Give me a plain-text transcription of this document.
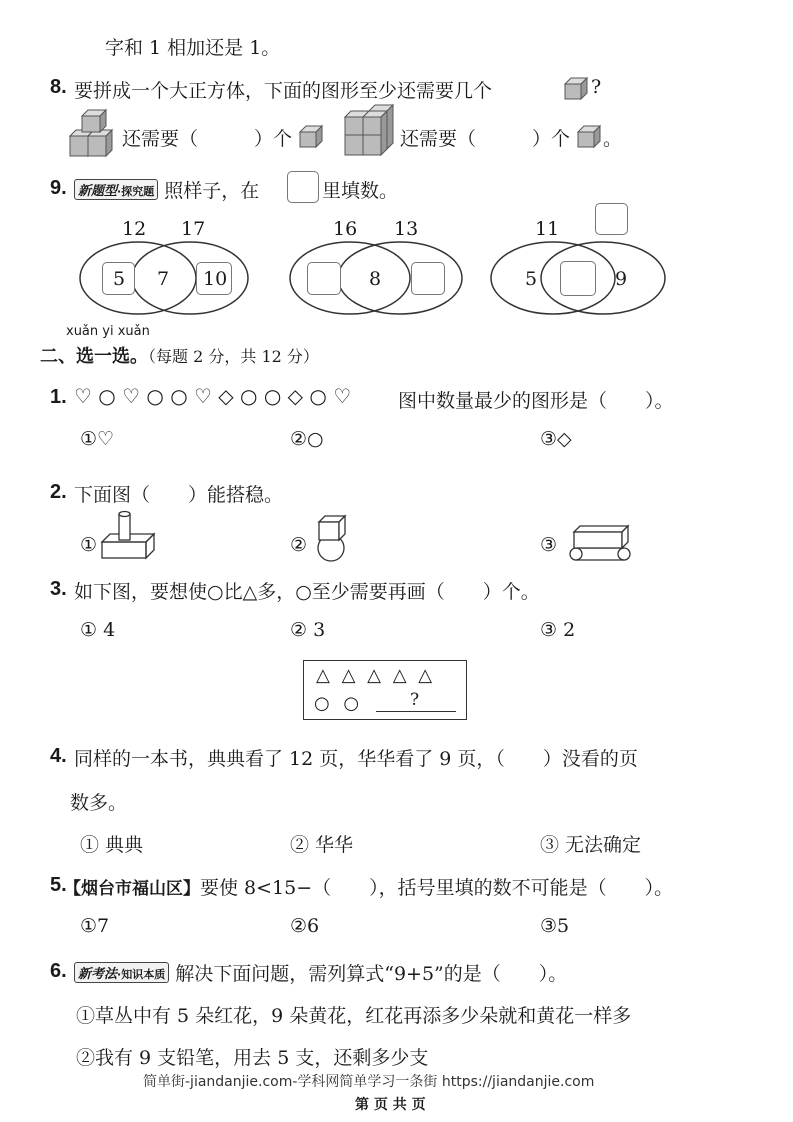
字和 1 相加还是 1。
8. 要拼成一个大正方体，下面的图形至少还需要几个	?
还需要（	）个	还需要（	）个 。
9. 新题型·探究题 照样子，在	里填数。
12 17
5 7 10
16 13
8
11
5	9
xuǎn yi xuǎn
二、选一选。（每题 2 分，共 12 分）
1. ♡ ○ ♡ ○ ○ ♡ ◇ ○ ○ ◇ ○ ♡ 图中数量最少的图形是（　　）。
①♡	②○	③◇
2. 下面图（　　）能搭稳。
①	②	③
3. 如下图，要想使○比△多，○至少需要再画（　　）个。
① 4	② 3	③ 2
△ △ △ △ △
○ ○	?
4. 同样的一本书，典典看了 12 页，华华看了 9 页，（　　）没看的页
数多。
① 典典	② 华华	③ 无法确定
5.
【烟台市福山区】要使 8<15−（　　），括号里填的数不可能是（　　）。
①7	②6	③5
6. 新考法·知识本质 解决下面问题，需列算式“9+5”的是（　　）。
①草丛中有 5 朵红花，9 朵黄花，红花再添多少朵就和黄花一样多
②我有 9 支铅笔，用去 5 支，还剩多少支
简单街-jiandanjie.com-学科网简单学习一条街 https://jiandanjie.com
第 页 共 页
